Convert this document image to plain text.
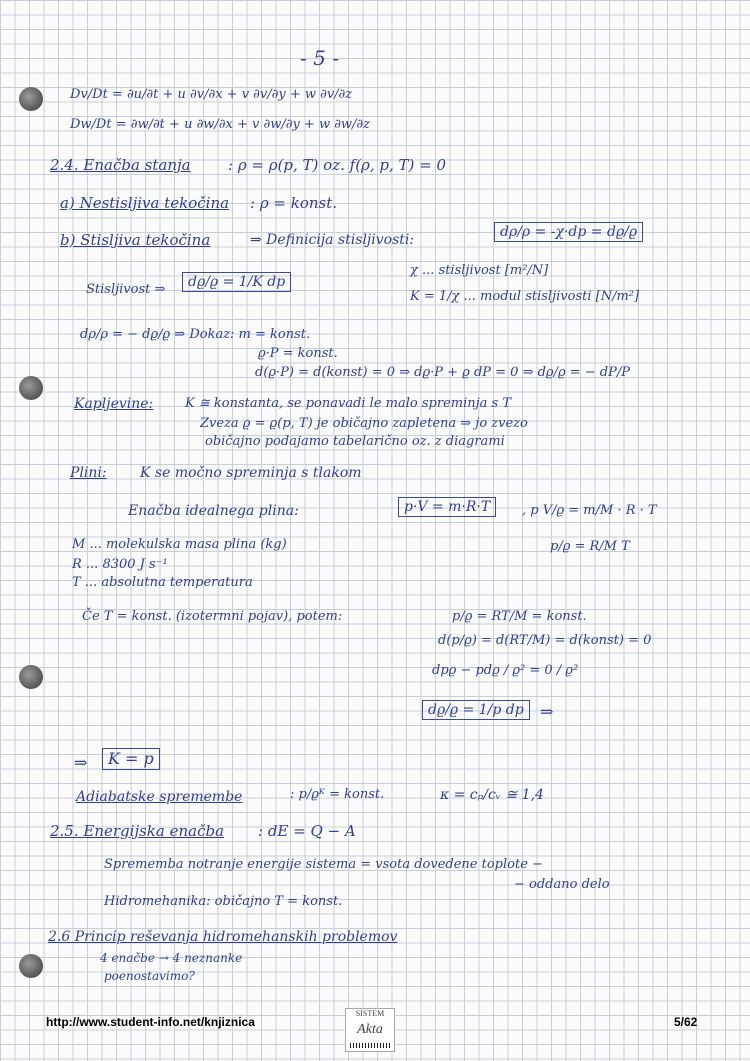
- 5 -
Dv/Dt = ∂u/∂t + u ∂v/∂x + v ∂v/∂y + w ∂v/∂z
Dw/Dt = ∂w/∂t + u ∂w/∂x + v ∂w/∂y + w ∂w/∂z
2.4. Enačba stanja : ρ = ρ(p, T) oz. f(ρ, p, T) = 0
a) Nestisljiva tekočina : ρ = konst.
b) Stisljiva tekočina	⇒ Definicija stisljivosti:	dρ/ρ = -χ·dp = dϱ/ϱ
Stisljivost ⇒	dϱ/ϱ = 1/K dp
χ ... stisljivost [m²/N]
K = 1/χ ... modul stisljivosti [N/m²]
dρ/ρ = − dϱ/ϱ ⇒ Dokaz: m = konst.
ϱ·P = konst.
d(ϱ·P) = d(konst) = 0 ⇒ dϱ·P + ϱ dP = 0 ⇒ dϱ/ϱ = − dP/P
Kapljevine: K ≅ konstanta, se ponavadi le malo spreminja s T
Zveza ϱ = ϱ(p, T) je običajno zapletena ⇒ jo zvezo
običajno podajamo tabelarično oz. z diagrami
Plini: K se močno spreminja s tlakom
Enačba idealnega plina:	p·V = m·R·T	, p V/ϱ = m/M · R · T
M ... molekulska masa plina (kg)	p/ϱ = R/M T
R ... 8300 J s⁻¹
T ... absolutna temperatura
Če T = konst. (izotermni pojav), potem:	p/ϱ = RT/M = konst.
d(p/ϱ) = d(RT/M) = d(konst) = 0
dpϱ − pdϱ / ϱ² = 0 / ϱ²
dϱ/ϱ = 1/p dp	⇒
⇒	K = p
Adiabatske spremembe	: p/ϱᴷ = konst.	κ = cₚ/cᵥ ≅ 1,4
2.5. Energijska enačba : dE = Q − A
Sprememba notranje energije sistema = vsota dovedene toplote −
− oddano delo
Hidromehanika: običajno T = konst.
2.6 Princip reševanja hidromehanskih problemov
4 enačbe → 4 neznanke
poenostavimo?
http://www.student-info.net/knjiznica	5/62
SISTEM
Akta
